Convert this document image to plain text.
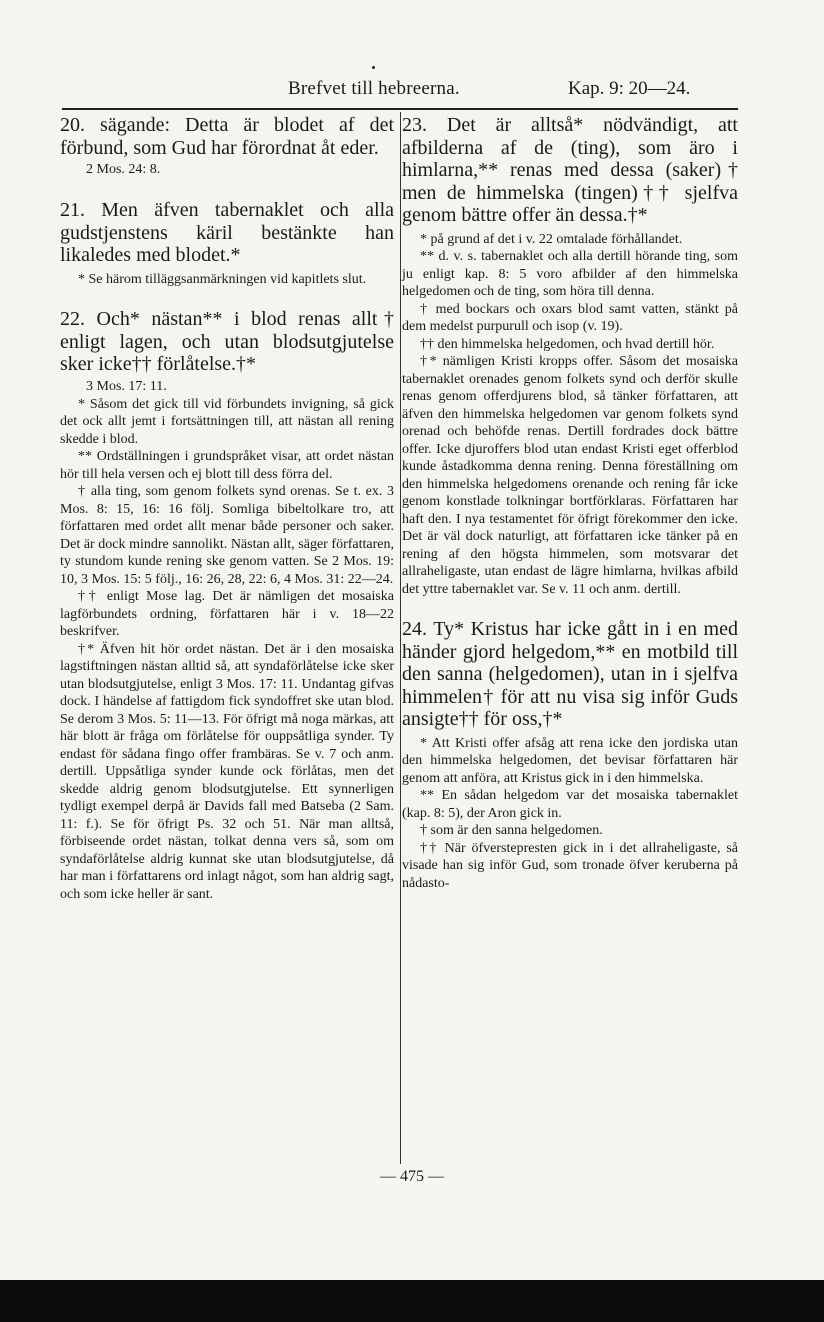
Brefvet till hebreerna.	Kap. 9: 20—24.

20. sägande: Detta är blodet af det förbund, som Gud har förordnat åt eder.

2 Mos. 24: 8.

21. Men äfven tabernaklet och alla gudstjenstens käril bestänkte han likaledes med blodet.*

* Se härom tilläggsanmärkningen vid kapitlets slut.

22. Och* nästan** i blod renas allt† enligt lagen, och utan blodsutgjutelse sker icke†† förlåtelse.†*

3 Mos. 17: 11.

* Såsom det gick till vid förbundets invigning, så gick det ock allt jemt i fortsättningen till, att nästan all rening skedde i blod.

** Ordställningen i grundspråket visar, att ordet nästan hör till hela versen och ej blott till dess förra del.

† alla ting, som genom folkets synd orenas. Se t. ex. 3 Mos. 8: 15, 16: 16 följ. Somliga bibeltolkare tro, att författaren med ordet allt menar både personer och saker. Det är dock mindre sannolikt. Nästan allt, säger författaren, ty stundom kunde rening ske genom vatten. Se 2 Mos. 19: 10, 3 Mos. 15: 5 följ., 16: 26, 28, 22: 6, 4 Mos. 31: 22—24.

†† enligt Mose lag. Det är nämligen det mosaiska lagförbundets ordning, författaren här i v. 18—22 beskrifver.

†* Äfven hit hör ordet nästan. Det är i den mosaiska lagstiftningen nästan alltid så, att syndaförlåtelse icke sker utan blodsutgjutelse, enligt 3 Mos. 17: 11. Undantag gifvas dock. I händelse af fattigdom fick syndoffret ske utan blod. Se derom 3 Mos. 5: 11—13. För öfrigt må noga märkas, att här blott är fråga om förlåtelse för ouppsåtliga synder. Ty endast för sådana fingo offer frambäras. Se v. 7 och anm. dertill. Uppsåtliga synder kunde ock förlåtas, men det skedde aldrig genom blodsutgjutelse. Ett synnerligen tydligt exempel derpå är Davids fall med Batseba (2 Sam. 11: f.). Se för öfrigt Ps. 32 och 51. När man alltså, förbiseende ordet nästan, tolkat denna vers så, som om syndaförlåtelse aldrig kunnat ske utan blodsutgjutelse, då har man i författarens ord inlagt något, som han aldrig sagt, och som icke heller är sant.

23. Det är alltså* nödvändigt, att afbilderna af de (ting), som äro i himlarna,** renas med dessa (saker)† men de himmelska (tingen)†† sjelfva genom bättre offer än dessa.†*

* på grund af det i v. 22 omtalade förhållandet.

** d. v. s. tabernaklet och alla dertill hörande ting, som ju enligt kap. 8: 5 voro afbilder af den himmelska helgedomen och de ting, som höra till denna.

† med bockars och oxars blod samt vatten, stänkt på dem medelst purpurull och isop (v. 19).

†† den himmelska helgedomen, och hvad dertill hör.

†* nämligen Kristi kropps offer. Såsom det mosaiska tabernaklet orenades genom folkets synd och derför skulle renas genom offerdjurens blod, så tänker författaren, att äfven den himmelska helgedomen var genom folkets synd orenad och behöfde renas. Dertill fordrades dock bättre offer. Icke djuroffers blod utan endast Kristi eget offerblod kunde åstadkomma denna rening. Denna föreställning om den himmelska helgedomens orenande och rening får icke genom konstlade tolkningar bortförklaras. Författaren har haft den. I nya testamentet för öfrigt förekommer den icke. Det är väl dock naturligt, att författaren icke tänker på en rening af den högsta himmelen, som motsvarar det allraheligaste, utan endast de lägre himlarna, hvilkas afbild det yttre tabernaklet var. Se v. 11 och anm. dertill.

24. Ty* Kristus har icke gått in i en med händer gjord helgedom,** en motbild till den sanna (helgedomen), utan in i sjelfva himmelen† för att nu visa sig inför Guds ansigte†† för oss,†*

* Att Kristi offer afsåg att rena icke den jordiska utan den himmelska helgedomen, det bevisar författaren här genom att anföra, att Kristus gick in i den himmelska.

** En sådan helgedom var det mosaiska tabernaklet (kap. 8: 5), der Aron gick in.

† som är den sanna helgedomen.

†† När öfverstepresten gick in i det allraheligaste, så visade han sig inför Gud, som tronade öfver keruberna på nådasto-

— 475 —
